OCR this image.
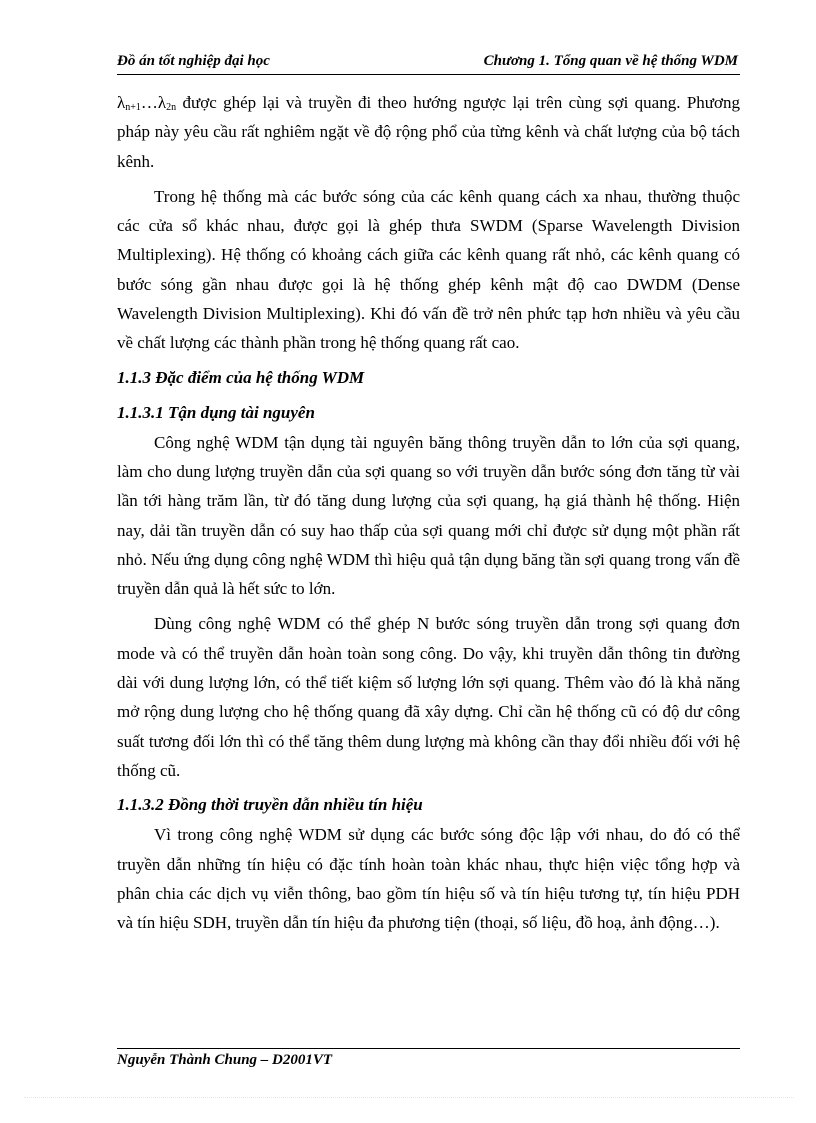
Đồ án tốt nghiệp đại học	Chương 1. Tổng quan về hệ thống WDM

$\lambda_{n+1}\dots\lambda_{2n}$ được ghép lại và truyền đi theo hướng ngược lại trên cùng sợi quang. Phương pháp này yêu cầu rất nghiêm ngặt về độ rộng phổ của từng kênh và chất lượng của bộ tách kênh.

Trong hệ thống mà các bước sóng của các kênh quang cách xa nhau, thường thuộc các cửa sổ khác nhau, được gọi là ghép thưa SWDM (Sparse Wavelength Division Multiplexing). Hệ thống có khoảng cách giữa các kênh quang rất nhỏ, các kênh quang có bước sóng gần nhau được gọi là hệ thống ghép kênh mật độ cao DWDM (Dense Wavelength Division Multiplexing). Khi đó vấn đề trở nên phức tạp hơn nhiều và yêu cầu về chất lượng các thành phần trong hệ thống quang rất cao.

1.1.3 Đặc điểm của hệ thống WDM

1.1.3.1 Tận dụng tài nguyên

Công nghệ WDM tận dụng tài nguyên băng thông truyền dẫn to lớn của sợi quang, làm cho dung lượng truyền dẫn của sợi quang so với truyền dẫn bước sóng đơn tăng từ vài lần tới hàng trăm lần, từ đó tăng dung lượng của sợi quang, hạ giá thành hệ thống. Hiện nay, dải tần truyền dẫn có suy hao thấp của sợi quang mới chỉ được sử dụng một phần rất nhỏ. Nếu ứng dụng công nghệ WDM thì hiệu quả tận dụng băng tần sợi quang trong vấn đề truyền dẫn quả là hết sức to lớn.

Dùng công nghệ WDM có thể ghép N bước sóng truyền dẫn trong sợi quang đơn mode và có thể truyền dẫn hoàn toàn song công. Do vậy, khi truyền dẫn thông tin đường dài với dung lượng lớn, có thể tiết kiệm số lượng lớn sợi quang. Thêm vào đó là khả năng mở rộng dung lượng cho hệ thống quang đã xây dựng. Chỉ cần hệ thống cũ có độ dư công suất tương đối lớn thì có thể tăng thêm dung lượng mà không cần thay đổi nhiều đối với hệ thống cũ.

1.1.3.2 Đồng thời truyền dẫn nhiều tín hiệu

Vì trong công nghệ WDM sử dụng các bước sóng độc lập với nhau, do đó có thể truyền dẫn những tín hiệu có đặc tính hoàn toàn khác nhau, thực hiện việc tổng hợp và phân chia các dịch vụ viễn thông, bao gồm tín hiệu số và tín hiệu tương tự, tín hiệu PDH và tín hiệu SDH, truyền dẫn tín hiệu đa phương tiện (thoại, số liệu, đồ hoạ, ảnh động…).

Nguyễn Thành Chung – D2001VT
